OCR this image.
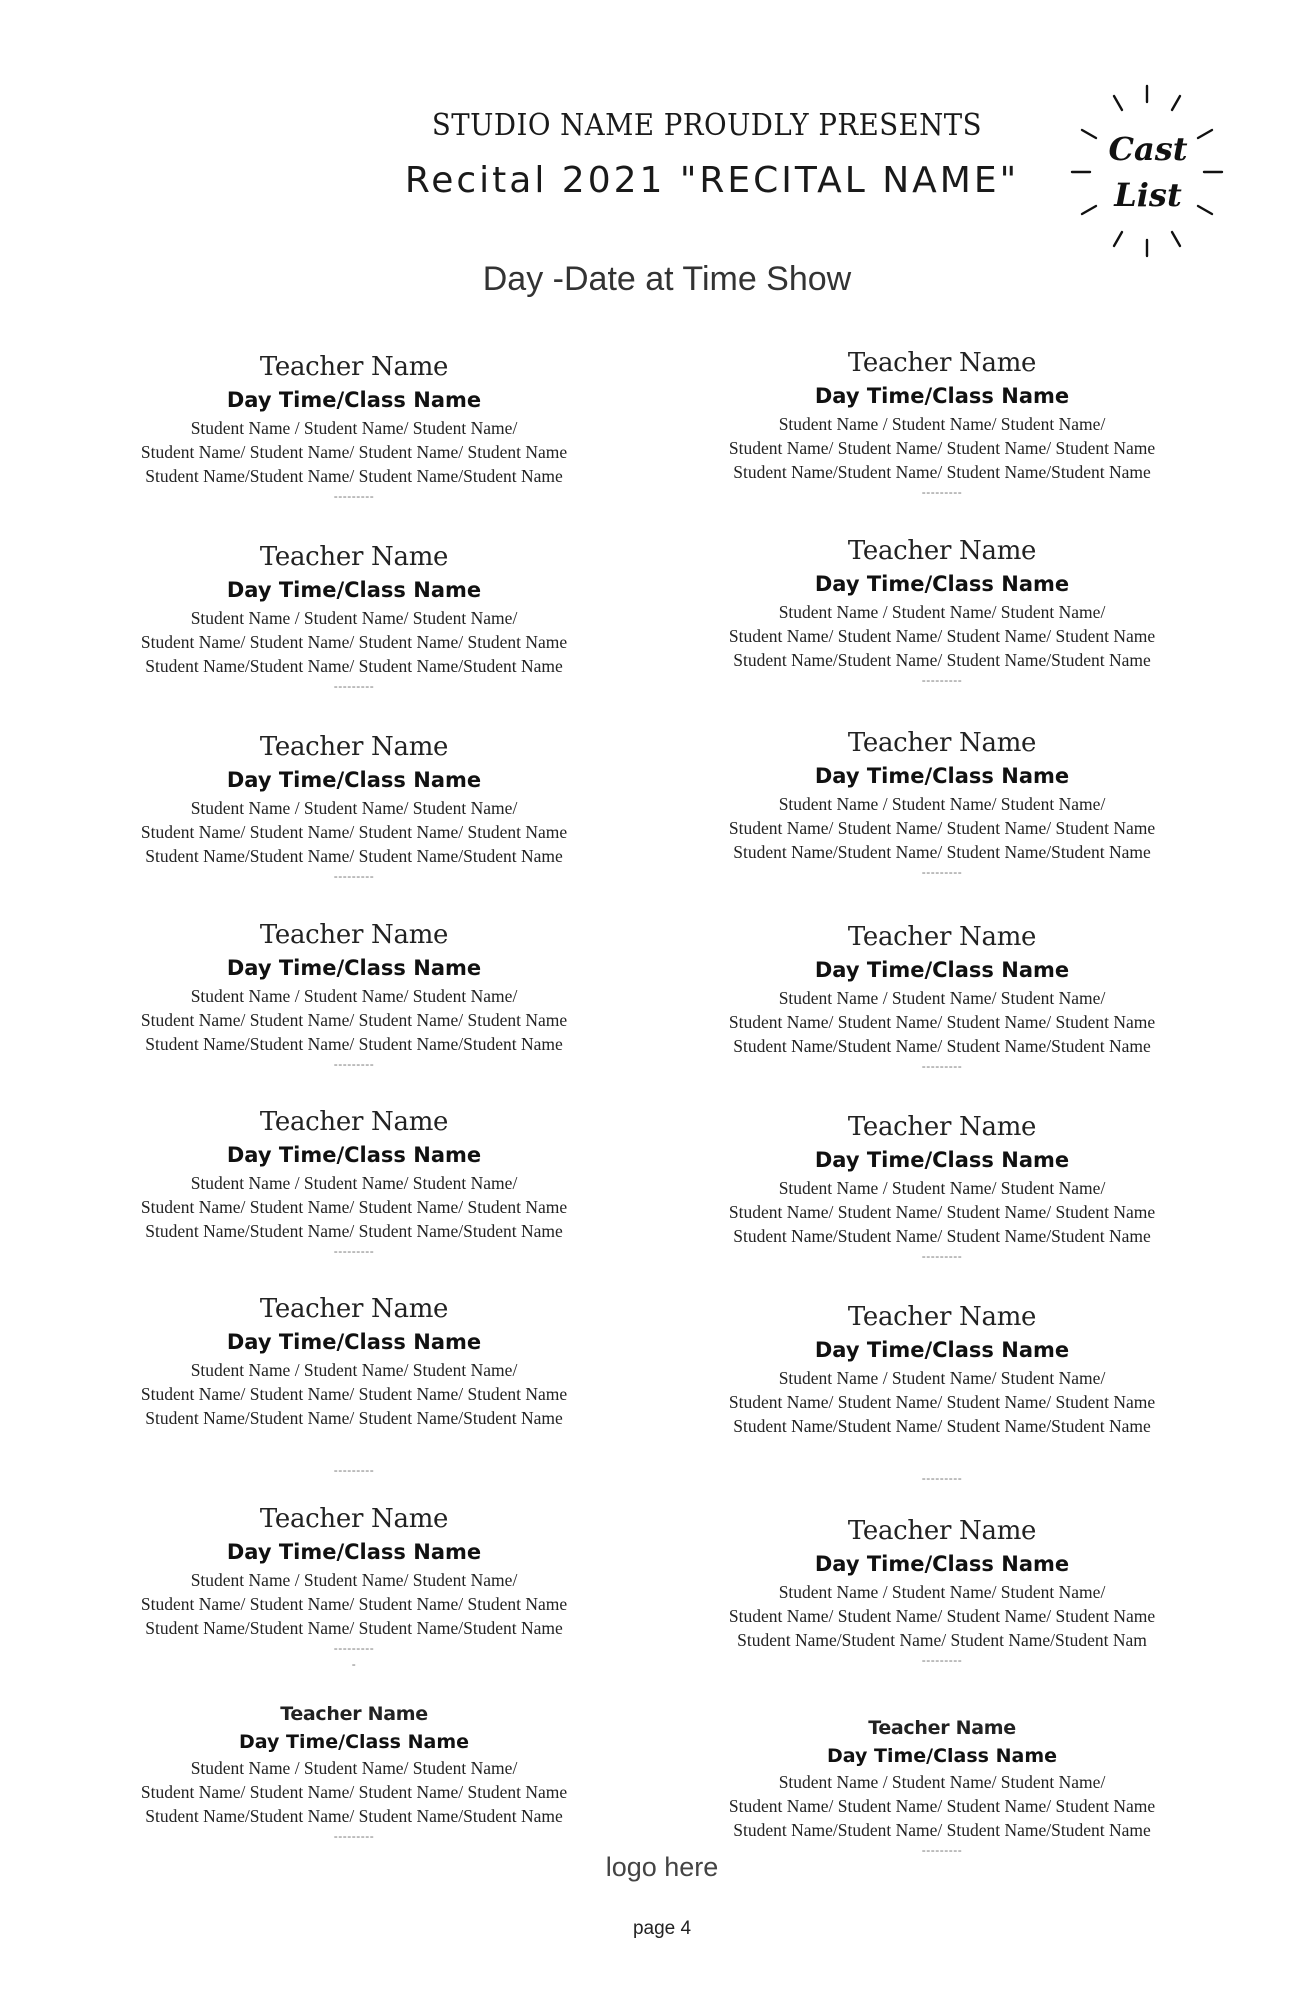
STUDIO NAME PROUDLY PRESENTS
Recital 2021 "RECITAL NAME"
Day -Date at Time Show
Cast
List
Teacher Name
Day Time/Class Name
Student Name / Student Name/ Student Name/
Student Name/ Student Name/ Student Name/ Student Name
Student Name/Student Name/ Student Name/Student Name
---------
Teacher Name
Day Time/Class Name
Student Name / Student Name/ Student Name/
Student Name/ Student Name/ Student Name/ Student Name
Student Name/Student Name/ Student Name/Student Name
---------
Teacher Name
Day Time/Class Name
Student Name / Student Name/ Student Name/
Student Name/ Student Name/ Student Name/ Student Name
Student Name/Student Name/ Student Name/Student Name
---------
Teacher Name
Day Time/Class Name
Student Name / Student Name/ Student Name/
Student Name/ Student Name/ Student Name/ Student Name
Student Name/Student Name/ Student Name/Student Name
---------
Teacher Name
Day Time/Class Name
Student Name / Student Name/ Student Name/
Student Name/ Student Name/ Student Name/ Student Name
Student Name/Student Name/ Student Name/Student Name
---------
Teacher Name
Day Time/Class Name
Student Name / Student Name/ Student Name/
Student Name/ Student Name/ Student Name/ Student Name
Student Name/Student Name/ Student Name/Student Name
---------
Teacher Name
Day Time/Class Name
Student Name / Student Name/ Student Name/
Student Name/ Student Name/ Student Name/ Student Name
Student Name/Student Name/ Student Name/Student Name
---------
-
Teacher Name
Day Time/Class Name
Student Name / Student Name/ Student Name/
Student Name/ Student Name/ Student Name/ Student Name
Student Name/Student Name/ Student Name/Student Name
---------
Teacher Name
Day Time/Class Name
Student Name / Student Name/ Student Name/
Student Name/ Student Name/ Student Name/ Student Name
Student Name/Student Name/ Student Name/Student Name
---------
Teacher Name
Day Time/Class Name
Student Name / Student Name/ Student Name/
Student Name/ Student Name/ Student Name/ Student Name
Student Name/Student Name/ Student Name/Student Name
---------
Teacher Name
Day Time/Class Name
Student Name / Student Name/ Student Name/
Student Name/ Student Name/ Student Name/ Student Name
Student Name/Student Name/ Student Name/Student Name
---------
Teacher Name
Day Time/Class Name
Student Name / Student Name/ Student Name/
Student Name/ Student Name/ Student Name/ Student Name
Student Name/Student Name/ Student Name/Student Name
---------
Teacher Name
Day Time/Class Name
Student Name / Student Name/ Student Name/
Student Name/ Student Name/ Student Name/ Student Name
Student Name/Student Name/ Student Name/Student Name
---------
Teacher Name
Day Time/Class Name
Student Name / Student Name/ Student Name/
Student Name/ Student Name/ Student Name/ Student Name
Student Name/Student Name/ Student Name/Student Name
---------
Teacher Name
Day Time/Class Name
Student Name / Student Name/ Student Name/
Student Name/ Student Name/ Student Name/ Student Name
Student Name/Student Name/ Student Name/Student Nam
---------
Teacher Name
Day Time/Class Name
Student Name / Student Name/ Student Name/
Student Name/ Student Name/ Student Name/ Student Name
Student Name/Student Name/ Student Name/Student Name
---------
logo here
page 4
